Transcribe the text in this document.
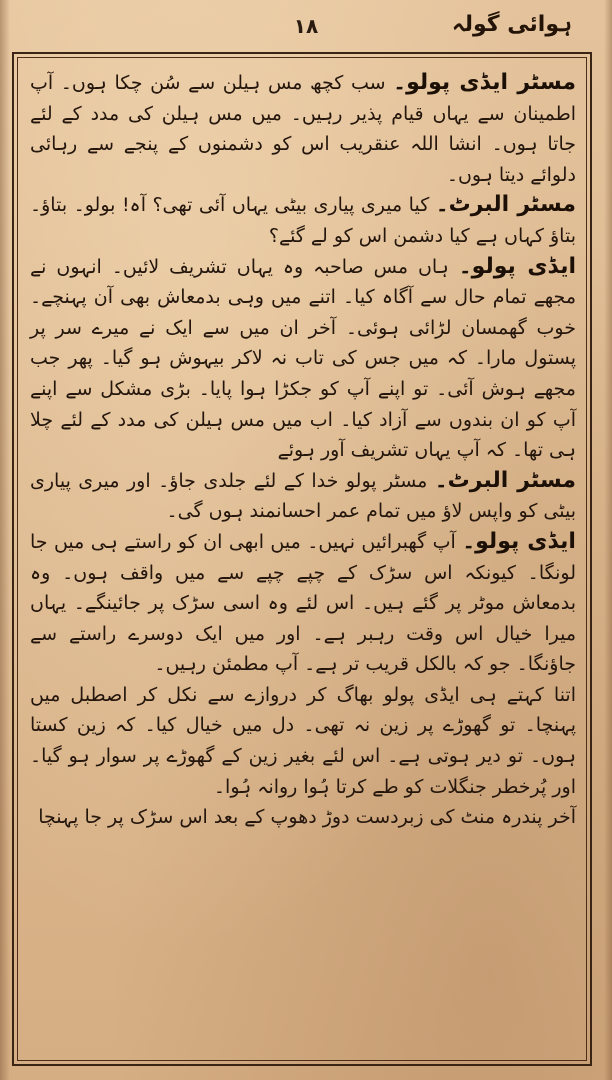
۱۸	ہوائی گولہ

مسٹر ایڈی پولو۔ سب کچھ مس ہیلن سے سُن چکا ہوں۔ آپ اطمینان سے یہاں قیام پذیر رہیں۔ میں مس ہیلن کی مدد کے لئے جاتا ہوں۔ انشا اللہ عنقریب اس کو دشمنوں کے پنجے سے رہائی دلوائے دیتا ہوں۔

مسٹر البرٹ۔ کیا میری پیاری بیٹی یہاں آئی تھی؟ آہ! بولو۔ بتاؤ۔ بتاؤ کہاں ہے کیا دشمن اس کو لے گئے؟

ایڈی پولو۔ ہاں مس صاحبہ وہ یہاں تشریف لائیں۔ انہوں نے مجھے تمام حال سے آگاہ کیا۔ اتنے میں وہی بدمعاش بھی آن پہنچے۔ خوب گھمسان لڑائی ہوئی۔ آخر ان میں سے ایک نے میرے سر پر پستول مارا۔ کہ میں جس کی تاب نہ لاکر بیہوش ہو گیا۔ پھر جب مجھے ہوش آئی۔ تو اپنے آپ کو جکڑا ہوا پایا۔ بڑی مشکل سے اپنے آپ کو ان بندوں سے آزاد کیا۔ اب میں مس ہیلن کی مدد کے لئے چلا ہی تھا۔ کہ آپ یہاں تشریف آور ہوئے

مسٹر البرٹ۔ مسٹر پولو خدا کے لئے جلدی جاؤ۔ اور میری پیاری بیٹی کو واپس لاؤ میں تمام عمر احسانمند ہوں گی۔

ایڈی پولو۔ آپ گھبرائیں نہیں۔ میں ابھی ان کو راستے ہی میں جا لونگا۔ کیونکہ اس سڑک کے چپے چپے سے میں واقف ہوں۔ وہ بدمعاش موٹر پر گئے ہیں۔ اس لئے وہ اسی سڑک پر جائینگے۔ یہاں میرا خیال اس وقت رہبر ہے۔ اور میں ایک دوسرے راستے سے جاؤنگا۔ جو کہ بالکل قریب تر ہے۔ آپ مطمئن رہیں۔

اتنا کہتے ہی ایڈی پولو بھاگ کر دروازے سے نکل کر اصطبل میں پہنچا۔ تو گھوڑے پر زین نہ تھی۔ دل میں خیال کیا۔ کہ زین کستا ہوں۔ تو دیر ہوتی ہے۔ اس لئے بغیر زین کے گھوڑے پر سوار ہو گیا۔ اور پُرخطر جنگلات کو طے کرتا ہُوا روانہ ہُوا۔

آخر پندرہ منٹ کی زبردست دوڑ دھوپ کے بعد اس سڑک پر جا پہنچا
